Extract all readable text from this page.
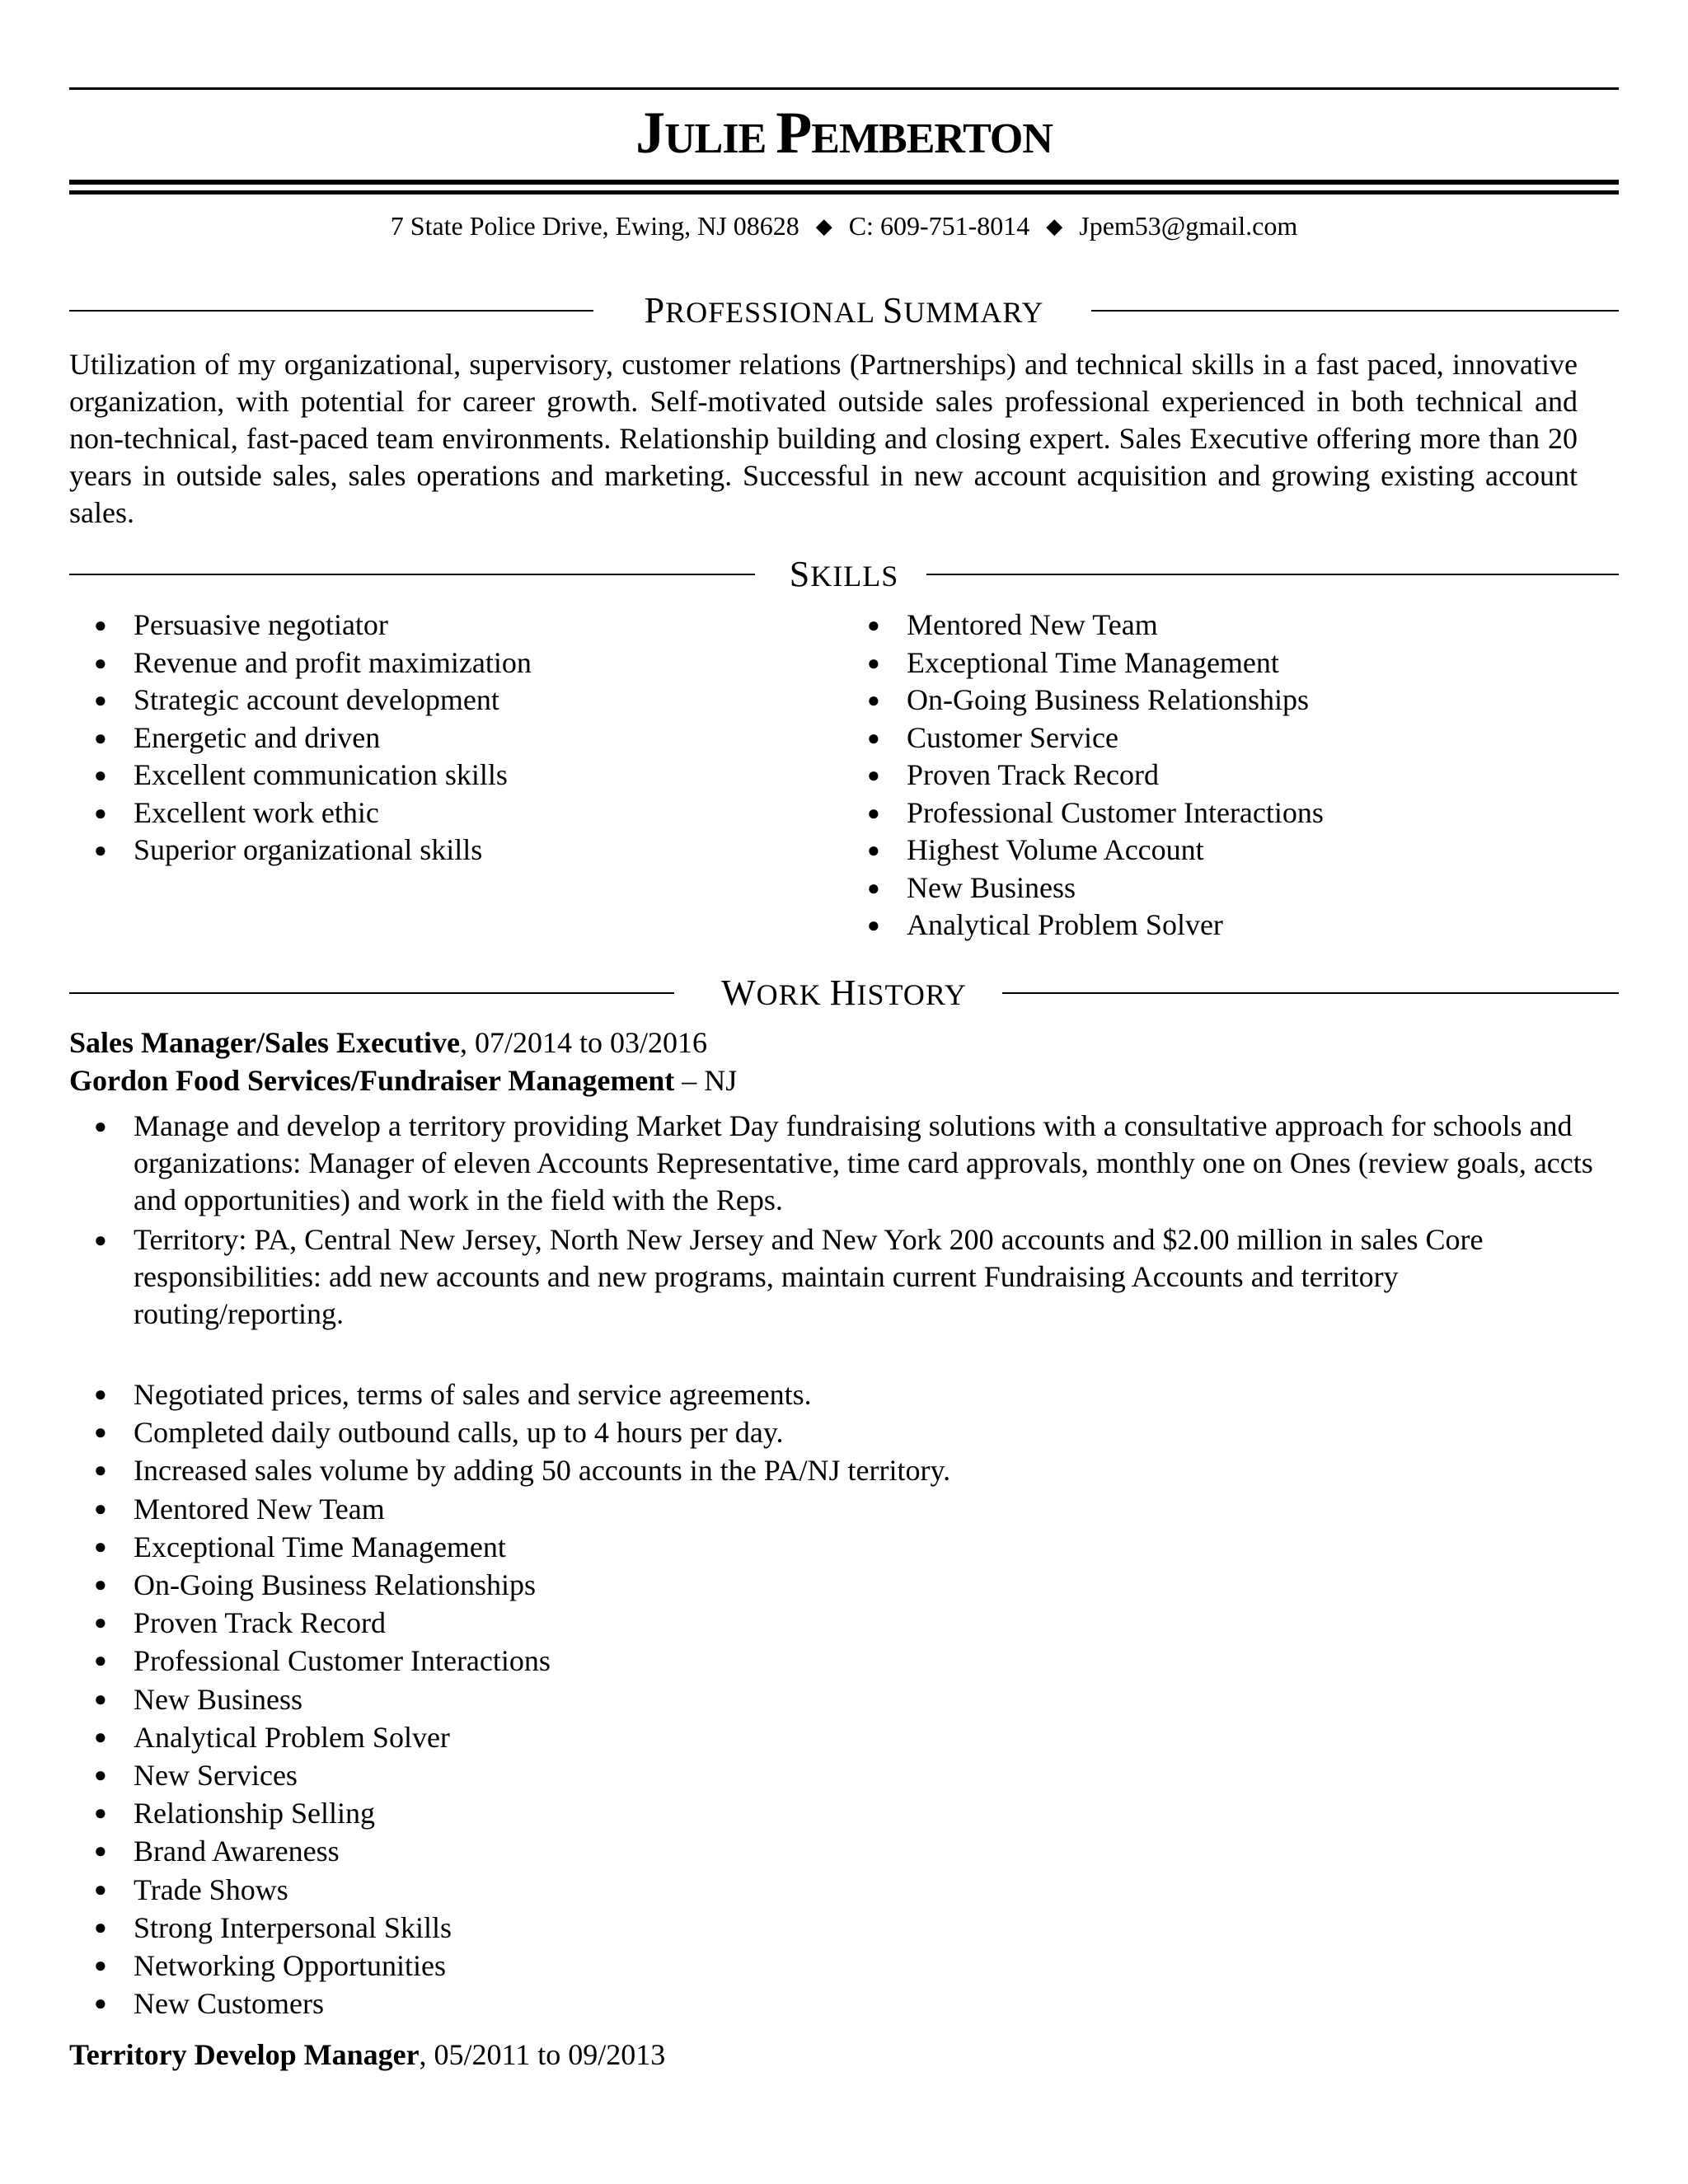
JULIE PEMBERTON
7 State Police Drive, Ewing, NJ 08628 ◆ C: 609-751-8014 ◆ Jpem53@gmail.com
PROFESSIONAL SUMMARY
Utilization of my organizational, supervisory, customer relations (Partnerships) and technical skills in a fast paced, innovative organization, with potential for career growth. Self-motivated outside sales professional experienced in both technical and non-technical, fast-paced team environments. Relationship building and closing expert. Sales Executive offering more than 20 years in outside sales, sales operations and marketing. Successful in new account acquisition and growing existing account sales.
SKILLS
● Persuasive negotiator
● Revenue and profit maximization
● Strategic account development
● Energetic and driven
● Excellent communication skills
● Excellent work ethic
● Superior organizational skills
● Mentored New Team
● Exceptional Time Management
● On-Going Business Relationships
● Customer Service
● Proven Track Record
● Professional Customer Interactions
● Highest Volume Account
● New Business
● Analytical Problem Solver
WORK HISTORY
Sales Manager/Sales Executive, 07/2014 to 03/2016
Gordon Food Services/Fundraiser Management – NJ
● Manage and develop a territory providing Market Day fundraising solutions with a consultative approach for schools and organizations: Manager of eleven Accounts Representative, time card approvals, monthly one on Ones (review goals, accts and opportunities) and work in the field with the Reps.
● Territory: PA, Central New Jersey, North New Jersey and New York 200 accounts and $2.00 million in sales Core responsibilities: add new accounts and new programs, maintain current Fundraising Accounts and territory routing/reporting.
● Negotiated prices, terms of sales and service agreements.
● Completed daily outbound calls, up to 4 hours per day.
● Increased sales volume by adding 50 accounts in the PA/NJ territory.
● Mentored New Team
● Exceptional Time Management
● On-Going Business Relationships
● Proven Track Record
● Professional Customer Interactions
● New Business
● Analytical Problem Solver
● New Services
● Relationship Selling
● Brand Awareness
● Trade Shows
● Strong Interpersonal Skills
● Networking Opportunities
● New Customers
Territory Develop Manager, 05/2011 to 09/2013
